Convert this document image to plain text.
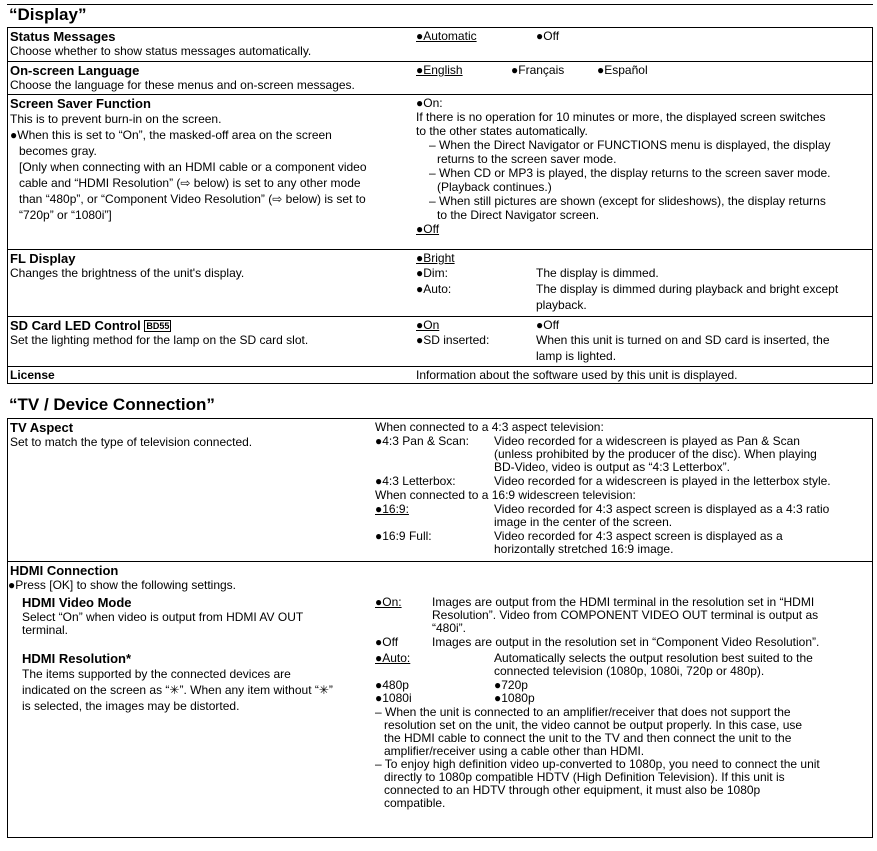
“Display”
Status Messages
Choose whether to show status messages automatically.
●Automatic	●Off
On-screen Language
Choose the language for these menus and on-screen messages.
●English	●Français	●Español
Screen Saver Function
This is to prevent burn-in on the screen.
●When this is set to “On”, the masked-off area on the screen
becomes gray.
[Only when connecting with an HDMI cable or a component video
cable and “HDMI Resolution” (⇨ below) is set to any other mode
than “480p”, or “Component Video Resolution” (⇨ below) is set to
“720p” or “1080i”]
●On:
If there is no operation for 10 minutes or more, the displayed screen switches
to the other states automatically.
– When the Direct Navigator or FUNCTIONS menu is displayed, the display
returns to the screen saver mode.
– When CD or MP3 is played, the display returns to the screen saver mode.
(Playback continues.)
– When still pictures are shown (except for slideshows), the display returns
to the Direct Navigator screen.
●Off
FL Display
Changes the brightness of the unit's display.
●Bright
●Dim:	The display is dimmed.
●Auto:	The display is dimmed during playback and bright except
playback.
SD Card LED Control BD55
Set the lighting method for the lamp on the SD card slot.
●On	●Off
●SD inserted:	When this unit is turned on and SD card is inserted, the
lamp is lighted.
License	Information about the software used by this unit is displayed.
“TV / Device Connection”
TV Aspect
Set to match the type of television connected.
When connected to a 4:3 aspect television:
●4:3 Pan & Scan: Video recorded for a widescreen is played as Pan & Scan
(unless prohibited by the producer of the disc). When playing
BD-Video, video is output as “4:3 Letterbox”.
●4:3 Letterbox:	Video recorded for a widescreen is played in the letterbox style.
When connected to a 16:9 widescreen television:
●16:9:	Video recorded for 4:3 aspect screen is displayed as a 4:3 ratio
image in the center of the screen.
●16:9 Full:	Video recorded for 4:3 aspect screen is displayed as a
horizontally stretched 16:9 image.
HDMI Connection
●Press [OK] to show the following settings.
HDMI Video Mode
Select “On” when video is output from HDMI AV OUT
terminal.
●On:	Images are output from the HDMI terminal in the resolution set in “HDMI
Resolution”. Video from COMPONENT VIDEO OUT terminal is output as
“480i”.
●Off	Images are output in the resolution set in “Component Video Resolution”.
HDMI Resolution*
The items supported by the connected devices are
indicated on the screen as “✳”. When any item without “✳”
is selected, the images may be distorted.
●Auto:	Automatically selects the output resolution best suited to the
connected television (1080p, 1080i, 720p or 480p).
●480p	●720p
●1080i	●1080p
– When the unit is connected to an amplifier/receiver that does not support the
resolution set on the unit, the video cannot be output properly. In this case, use
the HDMI cable to connect the unit to the TV and then connect the unit to the
amplifier/receiver using a cable other than HDMI.
– To enjoy high definition video up-converted to 1080p, you need to connect the unit
directly to 1080p compatible HDTV (High Definition Television). If this unit is
connected to an HDTV through other equipment, it must also be 1080p
compatible.
